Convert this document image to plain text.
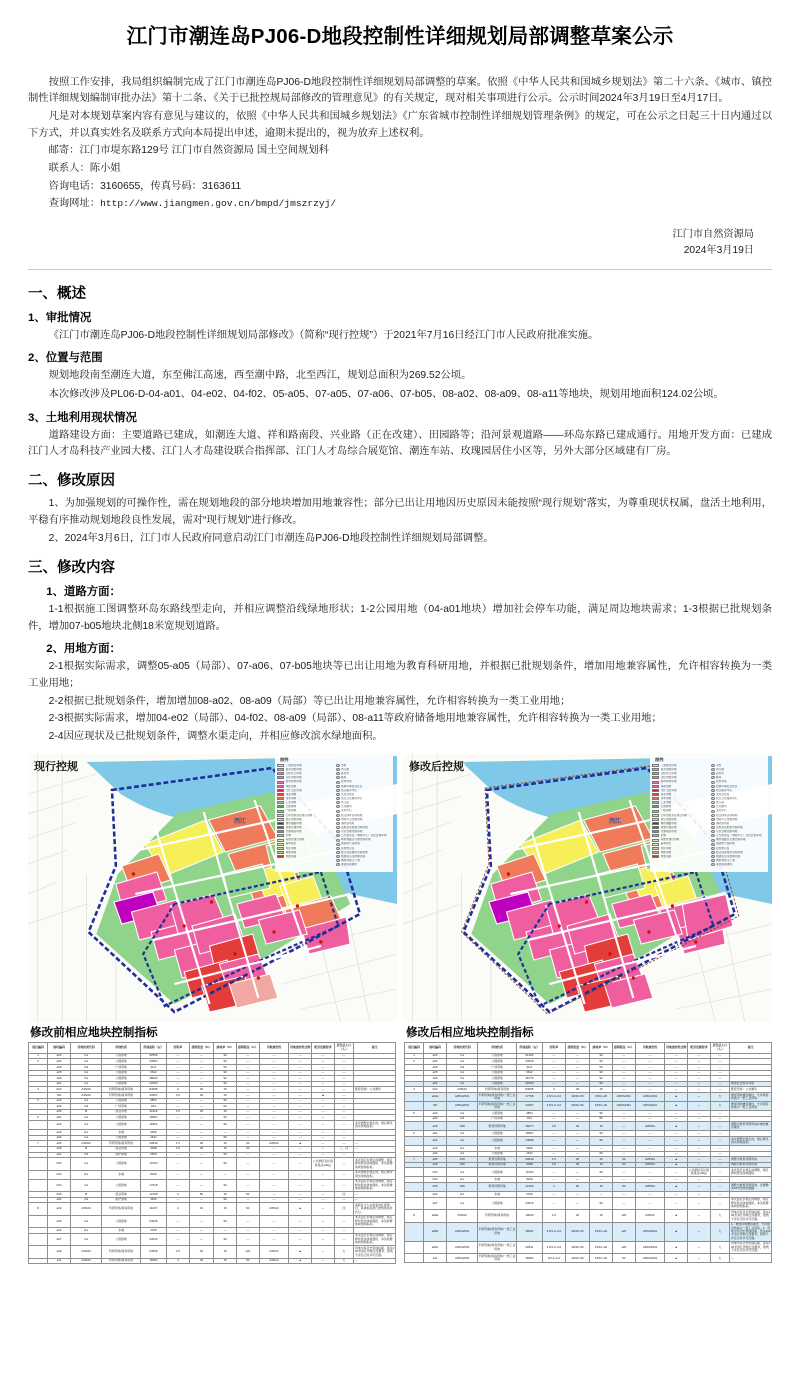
江门市潮连岛PJ06-D地段控制性详细规划局部调整草案公示

按照工作安排，我局组织编制完成了江门市潮连岛PJ06-D地段控制性详细规划局部调整的草案。依照《中华人民共和国城乡规划法》第二十六条、《城市、镇控制性详细规划编制审批办法》第十二条、《关于已批控规局部修改的管理意见》的有关规定，现对相关事项进行公示。公示时间2024年3月19日至4月17日。

凡是对本规划草案内容有意见与建议的，依照《中华人民共和国城乡规划法》《广东省城市控制性详细规划管理条例》的规定，可在公示之日起三十日内通过以下方式，并以真实姓名及联系方式向本局提出申述，逾期未提出的，视为放弃上述权利。

邮寄：江门市堤东路129号 江门市自然资源局 国土空间规划科

联系人：陈小姐

咨询电话：3160655，传真号码：3163611

查询网址：http://www.jiangmen.gov.cn/bmpd/jmszrzyj/

江门市自然资源局
2024年3月19日
一、概述
1、审批情况

《江门市潮连岛PJ06-D地段控制性详细规划局部修改》（简称“现行控规”）于2021年7月16日经江门市人民政府批准实施。

2、位置与范围

规划地段南至潮连大道，东至佛江高速，西至潮中路，北至西江，规划总面积为269.52公顷。

本次修改涉及PL06-D-04-a01、04-e02、04-f02、05-a05、07-a05、07-a06、07-b05、08-a02、08-a09、08-a11等地块，规划用地面积124.02公顷。

3、土地利用现状情况

道路建设方面：主要道路已建成，如潮连大道、祥和路南段、兴业路（正在改建）、田园路等；沿河景观道路——环岛东路已建成通行。用地开发方面：已建成江门人才岛科技产业园大楼、江门人才岛建设联合指挥部、江门人才岛综合展览馆、潮连车站、玫瑰园居住小区等，另外大部分区域建有厂房。

二、修改原因

1、为加强规划的可操作性，需在规划地段的部分地块增加用地兼容性；部分已出让用地因历史原因未能按照“现行规划”落实，为尊重现状权属，盘活土地利用，平稳有序推动规划地段良性发展，需对“现行规划”进行修改。

2、2024年3月6日，江门市人民政府同意启动江门市潮连岛PJ06-D地段控制性详细规划局部调整。

三、修改内容
1、道路方面：

1-1根据施工图调整环岛东路线型走向，并相应调整沿线绿地形状；1-2公园用地（04-a01地块）增加社会停车功能，满足周边地块需求；1-3根据已批规划条件，增加07-b05地块北侧18米宽规划道路。

2、用地方面：

2-1根据实际需求，调整05-a05（局部）、07-a06、07-b05地块等已出让用地为教育科研用地，并根据已批规划条件，增加用地兼容属性，允许相容转换为一类工业用地；

2-2根据已批规划条件，增加增加08-a02、08-a09（局部）等已出让用地兼容属性，允许相容转换为一类工业用地；

2-3根据实际需求，增加04-e02（局部）、04-f02、08-a09（局部）、08-a11等政府储备地用地兼容属性，允许相容转换为一类工业用地；

2-4因应现状及已批规划条件，调整水渠走向，并相应修改滨水绿地面积。

现行控规
西江
图例
二类居住用地
服务设施用地
行政办公用地
文化设施用地
教育科研用地
体育用地
医疗卫生用地
商业用地
商务用地
工业用地
公园绿地
广场用地
公用设施营业网点用地
供应设施用地
城市道路用地
轨道交通用地
交通场站用地
水域
其他非建设用地
基本农田
村庄用地
林地用地
规划范围
学校
幼儿园
派出所
邮局
农贸市场
街道办事处及社区
社区服务中心
文化活动站
社区卫生服务中心
老人院
公共厕所
文化中心
社区体育活动场地
市政环卫设施用地
消防站用地
变电站及配套设施用地
污水处理设施用地
公交首末站（调度中心）及社会停车场
城市道路及交通设施用地
加油加气站用地
垃圾转运站
社区商业服务设施用地
轨道站点及控制范围
城市规划主干道
现状保留建筑
修改后控规
西江
图例
二类居住用地
服务设施用地
行政办公用地
文化设施用地
教育科研用地
体育用地
医疗卫生用地
商业用地
商务用地
工业用地
公园绿地
广场用地
公用设施营业网点用地
供应设施用地
城市道路用地
轨道交通用地
交通场站用地
水域
其他非建设用地
基本农田
村庄用地
林地用地
规划范围
学校
幼儿园
派出所
邮局
农贸市场
街道办事处及社区
社区服务中心
文化活动站
社区卫生服务中心
老人院
公共厕所
文化中心
社区体育活动场地
市政环卫设施用地
消防站用地
变电站及配套设施用地
污水处理设施用地
公交首末站（调度中心）及社会停车场
城市道路及交通设施用地
加油加气站用地
垃圾转运站
社区商业服务设施用地
轨道站点及控制范围
城市规划主干道
现状保留建筑
修改前相应地块控制指标
街区编码	地块编码	用地性质代码	用地性质	用地面积（㎡）	容积率	建筑密度（%）	绿地率（%）	建筑限高（m）	用地兼容性	用地兼容性比例	配套设施要求	居住总人口（人）	备注
1	a03	G1	公园绿地	52500	—	—	90	—	—	—	—	—	
2	a02	G1	公园绿地	23687	—	—	90	—	—	—	—	—	
	a03	G3	广场用地	3117	—	—	50	—	—	—	—	—	
	a05	G1	公园绿地	6642	—	—	90	—	—	—	—	—	
	a06	G1	公园绿地	38063	—	—	90	—	—	—	—	—	
	a01	G1	公园绿地	22000	—	—	90	—	—	—	—	—	
4	b02	A35/A2	科研用地/商务用地	84055	4	40	15	—	—	—	—	—	配套设施：公共厕所
	f02	A35/A2	科研用地/商务用地	43267	4.5	40	15	—	—	—	▲	—	
5	a03	G1	公园绿地	4854	—	—	90	—	—	—	—	—	
	a04	G3	广场用地	914	—	—	50	—	—	—	—	—	
	a05	B	商业用地	20119	4.5	40	15	—	—	—	—	—	
6	a01	G1	公园绿地	16897	—	—	90	—	—	—	—	—	
	a02	G1	公园绿地	11861	—	—	90	—	—	—	—	—	本次调整水渠走向，相应修改滨水绿地面积。
	a03	E1	水域	3299	—	—	—	—	—	—	—	—	
	a04	G1	公园绿地	1642	—	—	90	—	—	—	—	—	
7	a05	A35/A2	科研用地/商务用地	20640	1.5	40	15	30	A35/A2	▲	—	—	—
	a06	B	商业用地	4098	2.5	35	15	30	—	—	—	二、四	—
	a01	G3	防护绿地	2659	—	—	90	—	—	—	—	—	
	b02	G1	公园绿地	10703	—	—	90	—	—	—	公共厕所及垃圾收集点≥30㎡	—	本次因应水渠走向调整，相应修改滨水绿地面积，本次新增地块控制指标。
	b03	E1	水域	8349	—	—	—	—	—	—	—	—	本次调整水渠走向，相应修改滨水绿地面积。
	b04	G1	公园绿地	17618	—	—	90	—	—	—	—	—	本次因应水渠走向调整，相应修改滨水绿地面积，本次新增地块控制指标。
	b05	B	商业用地	12199	2	50	15	50	—	—	—	四	—
	a01	G3	防护绿地	3540	—	—	90	—	—	—	—	—	—
8	a02	A35/A2	科研用地/商务用地	11007	2	40	15	60	A35/A2	▲	—	四	高新区才人实验室改扩建项目，具体指标按已批规划条件执行。
	a03	G1	公园绿地	64636	—	—	90	—	—	—	—	—	本次因应水渠走向调整，相应修改滨水绿地面积，本次新增地块控制指标。
	a04	E1	水域	2760	—	—	—	—	—	—	—	—	
	a07	G1	公园绿地	23613	—	—	90	—	—	—	—	—	本次因应水渠走向调整，相应修改滨水绿地面积，本次新增地块控制指标。
	a09	A35/A2	科研用地/商务用地	64936	2.5	40	15	120	A35/A2	▲	—	九	用地中有历史用地权属，落实100米退让用地红线要求，控规不涉及行政许可范围。
	a11	A35/A2	科研用地/商务用地	18484	4	40	15	50	A35/A2	▲	—	九	—
修改后相应地块控制指标
街区编码	地块编码	用地性质代码	用地性质	用地面积（㎡）	容积率	建筑密度（%）	绿地率（%）	建筑限高（m）	用地兼容性	用地兼容性比例	配套设施要求	居住总人口（人）	备注
1	a03	G1	公园绿地	51294	—	—	90	—	—	—	—	—	
2	a02	G1	公园绿地	23549	—	—	90	—	—	—	—	—	
	a03	G3	广场用地	3117	—	—	50	—	—	—	—	—	
	a05	G1	公园绿地	6642	—	—	90	—	—	—	—	—	
	a06	G1	公园绿地	36770	—	—	90	—	—	—	—	—	
	a01	G1	公园绿地	22000	—	—	90	—	—	—	—	—	增加社会停车功能
4	b02	A35/A2	科研用地/商务用地	84055	4	40	15	—	—	—	—	—	配套设施：公共厕所
	e02a	A35/A2/M1	科研用地/商务用地/一类工业用地	17758	2.5/1.0~3.0	40/40~50	15/10~20	A35/A2/M1	A35/A2/M1	▲	—	九	增加用地兼容属性，允许相容转换为一类工业用地
	f02	A35/A2/M1	科研用地/商务用地/一类工业用地	43267	4.5/1.0~3.0	40/40~50	15/10~20	A35/A2/M1	A35/A2/M1	▲	—	九	增加用地兼容属性，允许相容转换为一类工业用地
5	a03	G1	公园绿地	4854	—	—	90	—	—	—	—	—	
	a04	G3	广场用地	914	—	—	50	—	—	—	—	—	
	a05	A35	教育科研用地	18477	4.5	40	15	—	A35/M1	▲	—	—	调整为教育科研用地并增加兼容属性
6	a01	G1	公园绿地	16897	—	—	90	—	—	—	—	—	
	a02	G1	公园绿地	14996	—	—	90	—	—	—	—	—	本次调整水渠走向，相应修改滨水绿地面积。
	a03	E1	水域	3299	—	—	—	—	—	—	—	—	
	a04	G1	公园绿地	1642	—	—	90	—	—	—	—	—	
7	a05	A35	教育科研用地	20640	1.5	40	15	30	A35/M1	▲	—	—	调整为教育科研用地
	a06	A35	教育科研用地	4098	2.5	35	15	30	A35/M1	▲	—	—	调整为教育科研用地
	b02	G1	公园绿地	10703	—	—	90	—	—	—	公共厕所及垃圾收集点≥30㎡	—	本次因应水渠走向调整，相应修改滨水绿地面积。
	b03	E1	水域	8349	—	—	—	—	—	—	—	—	
	b05	A35	教育科研用地	12199	2	50	15	50	A35/M1	▲	—	—	调整为教育科研用地，北侧增加18米宽规划道路
	a04	E1	水域	2760	—	—	—	—	—	—	—	—	
	a07	G1	公园绿地	23613	—	—	90	—	—	—	—	—	本次因应水渠走向调整，相应修改滨水绿地面积，本次新增地块控制指标。
8	a09a	A35/A2	科研用地/商务用地	18030	2.5	40	15	120	A35/A2	▲	—	九	用地中有历史用地权属，落实100米退让用地红线要求，控规不涉及行政许可范围。
	a09b	A35/A2/M1	科研用地/商务用地/一类工业用地	18431	2.5/1.0~3.0	40/40~50	15/10~20	120	A35/A2/M1	▲	—	九	1、增加用地兼容属性，允许相容转换为一类工业用地；2、用地中有历史用地权属，落实100米退让用地红线要求，控规不涉及行政许可范围。
	a09c	A35/A2/M1	科研用地/商务用地/一类工业用地	28611	2.5/1.2~4.0	40/40~50	15/10~20	120	A35/A2/M1	▲	—	九	用地中有历史用地权属，落实100米退让用地红线要求，控规不涉及行政许可范围。
	a11	A35/A2/M1	科研用地/商务用地/一类工业用地	18484	4/1.2~4.0	40/40~50	15/10~20	50	A35/A2/M1	▲	—	九	—
